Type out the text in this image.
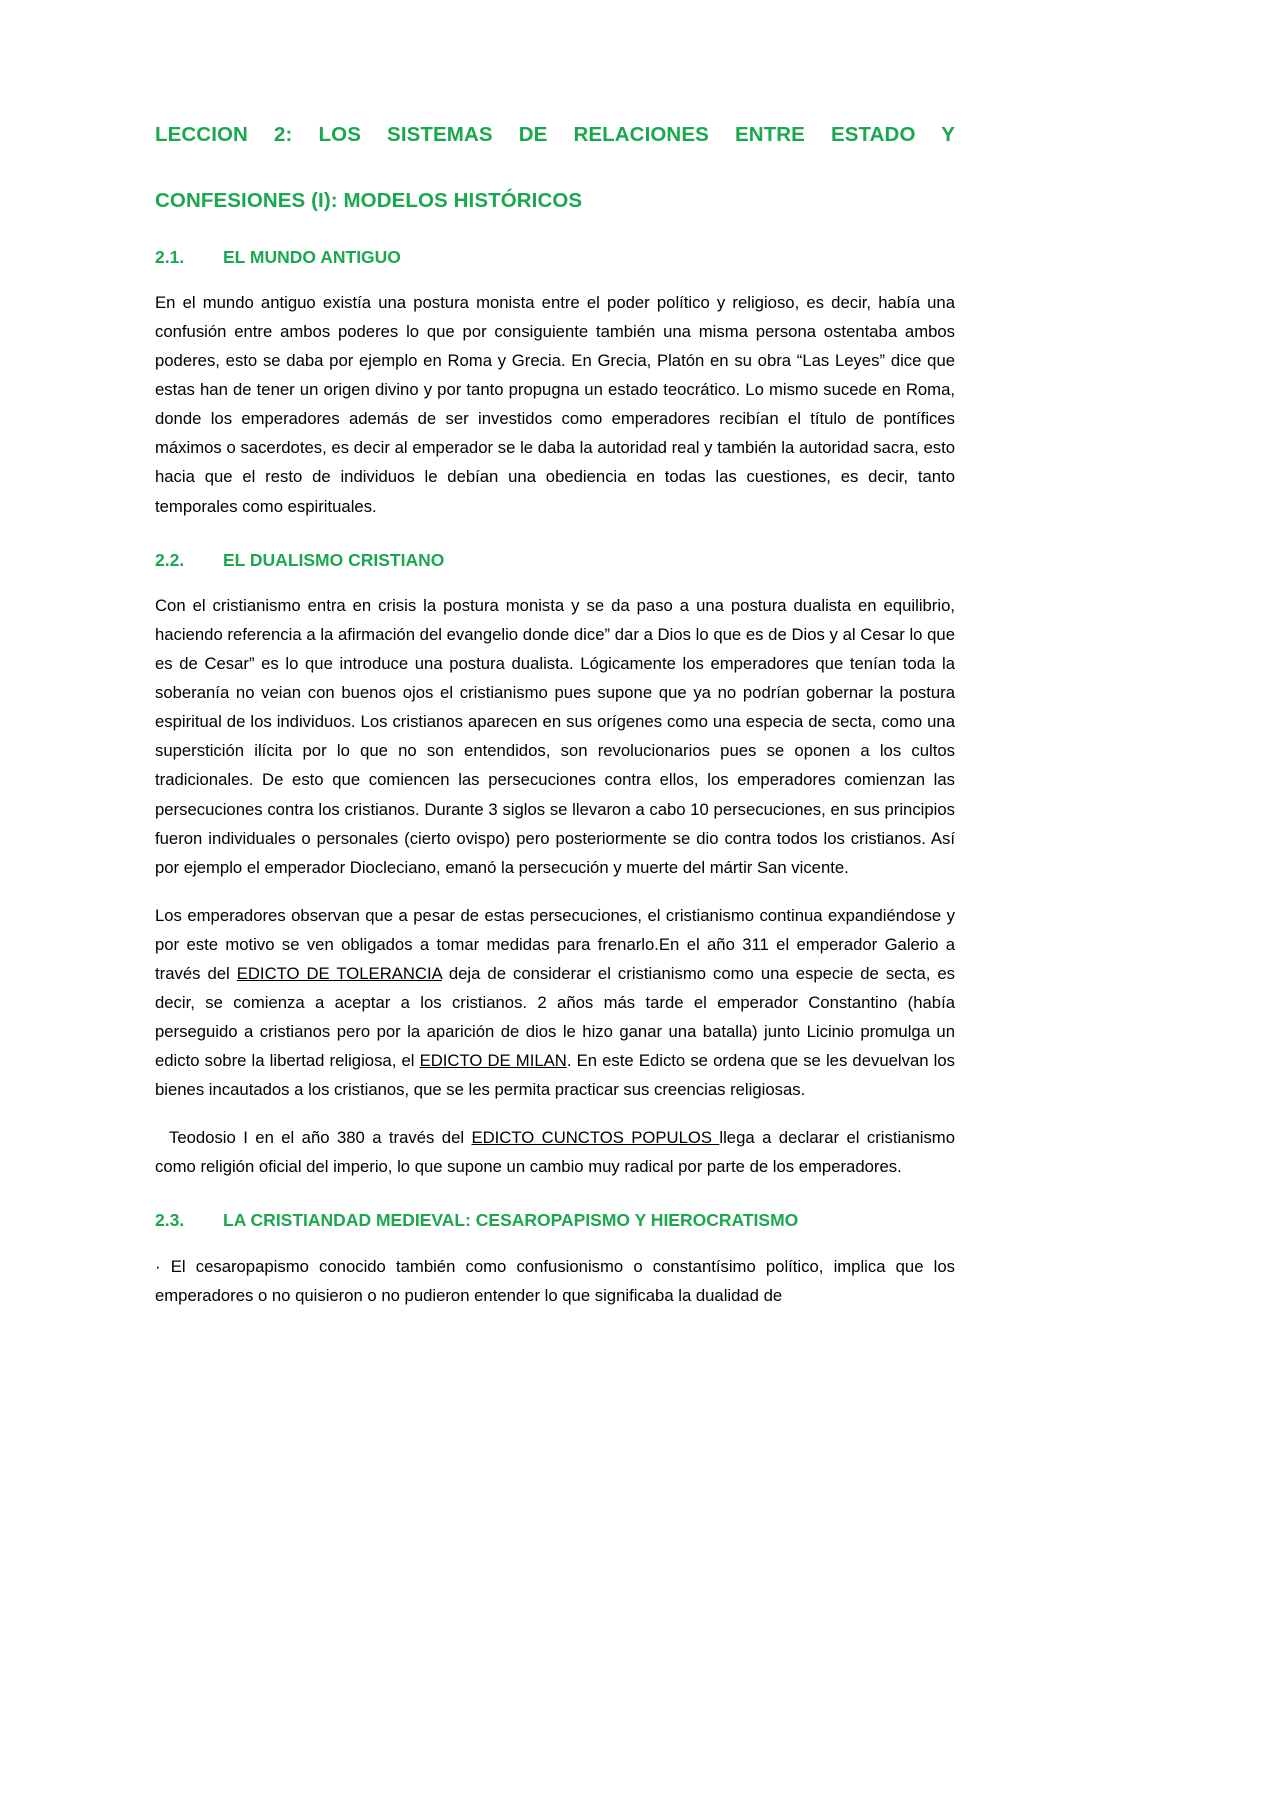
LECCION 2: LOS SISTEMAS DE RELACIONES ENTRE ESTADO Y
CONFESIONES (I): MODELOS HISTÓRICOS
2.1. EL MUNDO ANTIGUO

En el mundo antiguo existía una postura monista entre el poder político y religioso, es decir, había una confusión entre ambos poderes lo que por consiguiente también una misma persona ostentaba ambos poderes, esto se daba por ejemplo en Roma y Grecia. En Grecia, Platón en su obra “Las Leyes” dice que estas han de tener un origen divino y por tanto propugna un estado teocrático. Lo mismo sucede en Roma, donde los emperadores además de ser investidos como emperadores recibían el título de pontífices máximos o sacerdotes, es decir al emperador se le daba la autoridad real y también la autoridad sacra, esto hacia que el resto de individuos le debían una obediencia en todas las cuestiones, es decir, tanto temporales como espirituales.

2.2. EL DUALISMO CRISTIANO

Con el cristianismo entra en crisis la postura monista y se da paso a una postura dualista en equilibrio, haciendo referencia a la afirmación del evangelio donde dice” dar a Dios lo que es de Dios y al Cesar lo que es de Cesar” es lo que introduce una postura dualista. Lógicamente los emperadores que tenían toda la soberanía no veian con buenos ojos el cristianismo pues supone que ya no podrían gobernar la postura espiritual de los individuos. Los cristianos aparecen en sus orígenes como una especia de secta, como una superstición ilícita por lo que no son entendidos, son revolucionarios pues se oponen a los cultos tradicionales. De esto que comiencen las persecuciones contra ellos, los emperadores comienzan las persecuciones contra los cristianos. Durante 3 siglos se llevaron a cabo 10 persecuciones, en sus principios fueron individuales o personales (cierto ovispo) pero posteriormente se dio contra todos los cristianos. Así por ejemplo el emperador Diocleciano, emanó la persecución y muerte del mártir San vicente.

Los emperadores observan que a pesar de estas persecuciones, el cristianismo continua expandiéndose y por este motivo se ven obligados a tomar medidas para frenarlo.En el año 311 el emperador Galerio a través del EDICTO DE TOLERANCIA deja de considerar el cristianismo como una especie de secta, es decir, se comienza a aceptar a los cristianos. 2 años más tarde el emperador Constantino (había perseguido a cristianos pero por la aparición de dios le hizo ganar una batalla) junto Licinio promulga un edicto sobre la libertad religiosa, el EDICTO DE MILAN. En este Edicto se ordena que se les devuelvan los bienes incautados a los cristianos, que se les permita practicar sus creencias religiosas.

Teodosio I en el año 380 a través del EDICTO CUNCTOS POPULOS llega a declarar el cristianismo como religión oficial del imperio, lo que supone un cambio muy radical por parte de los emperadores.

2.3. LA CRISTIANDAD MEDIEVAL: CESAROPAPISMO Y HIEROCRATISMO

· El cesaropapismo conocido también como confusionismo o constantísimo político, implica que los emperadores o no quisieron o no pudieron entender lo que significaba la dualidad de
